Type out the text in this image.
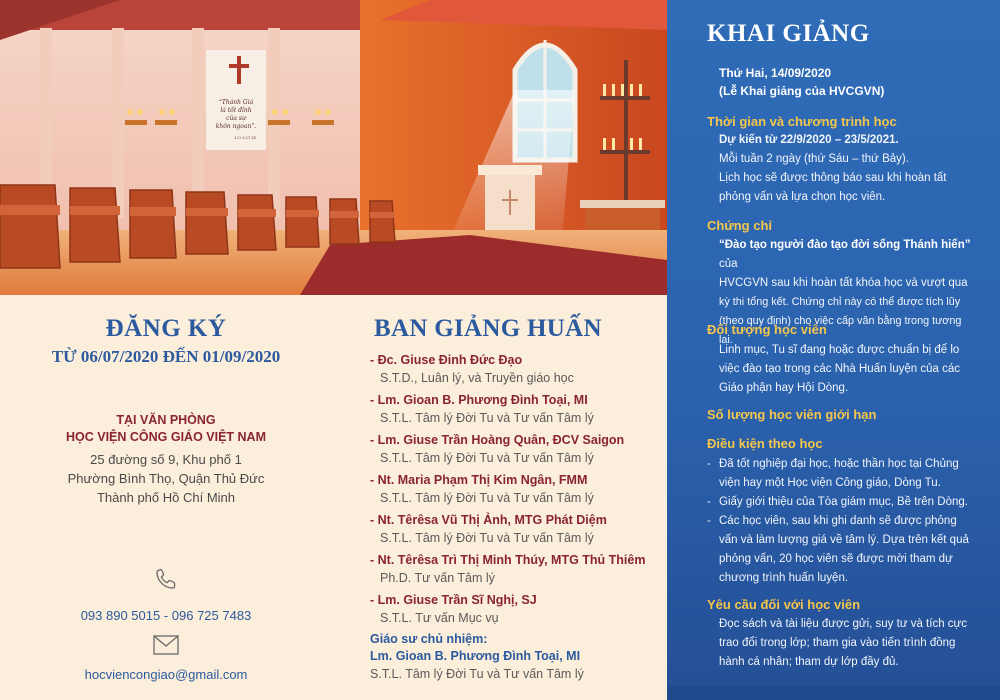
“Thánh Giá
là tốt đỉnh
của sự
khôn ngoan”.
1 Cr 1,17-25
ĐĂNG KÝ
TỪ 06/07/2020 ĐẾN 01/09/2020
TẠI VĂN PHÒNG
HỌC VIỆN CÔNG GIÁO VIỆT NAM
25 đường số 9, Khu phố 1
Phường Bình Thọ, Quận Thủ Đức
Thành phố Hồ Chí Minh
093 890 5015 - 096 725 7483
hocviencongiao@gmail.com
BAN GIẢNG HUẤN
- Đc. Giuse Đinh Đức Đạo
S.T.D., Luân lý, và Truyền giáo học
- Lm. Gioan B. Phương Đình Toại, MI
S.T.L. Tâm lý Đời Tu và Tư vấn Tâm lý
- Lm. Giuse Trần Hoàng Quân, ĐCV Saigon
S.T.L. Tâm lý Đời Tu và Tư vấn Tâm lý
- Nt. Maria Phạm Thị Kim Ngân, FMM
S.T.L. Tâm lý Đời Tu và Tư vấn Tâm lý
- Nt. Têrêsa Vũ Thị Ảnh, MTG Phát Diệm
S.T.L. Tâm lý Đời Tu và Tư vấn Tâm lý
- Nt. Têrêsa Trì Thị Minh Thúy, MTG Thủ Thiêm
Ph.D. Tư vấn Tâm lý
- Lm. Giuse Trần Sĩ Nghị, SJ
S.T.L. Tư vấn Mục vụ
Giáo sư chủ nhiệm:
Lm. Gioan B. Phương Đình Toại, MI
S.T.L. Tâm lý Đời Tu và Tư vấn Tâm lý
KHAI GIẢNG
Thứ Hai, 14/09/2020
(Lễ Khai giảng của HVCGVN)
Thời gian và chương trình học
Dự kiến từ 22/9/2020 – 23/5/2021.
Mỗi tuần 2 ngày (thứ Sáu – thứ Bảy).
Lịch học sẽ được thông báo sau khi hoàn tất
phỏng vấn và lựa chọn học viên.
Chứng chỉ
“Đào tạo người đào tạo đời sống Thánh hiến” của
HVCGVN sau khi hoàn tất khóa học và vượt qua
kỳ thi tổng kết. Chứng chỉ này có thể được tích lũy
(theo quy định) cho việc cấp văn bằng trong tương lai.
Đối tượng học viên
Linh mục, Tu sĩ đang hoặc được chuẩn bị để lo
việc đào tạo trong các Nhà Huấn luyện của các
Giáo phận hay Hội Dòng.
Số lượng học viên giới hạn
Điều kiện theo học
- Đã tốt nghiệp đại học, hoặc thần học tại Chủng
viện hay một Học viện Công giáo, Dòng Tu.
- Giấy giới thiệu của Tòa giám mục, Bề trên Dòng.
- Các học viên, sau khi ghi danh sẽ được phỏng
vấn và làm lượng giá về tâm lý. Dựa trên kết quả
phỏng vấn, 20 học viên sẽ được mời tham dự
chương trình huấn luyện.
Yêu cầu đối với học viên
Đọc sách và tài liệu được gửi, suy tư và tích cực
trao đổi trong lớp; tham gia vào tiến trình đồng
hành cá nhân; tham dự lớp đầy đủ.
